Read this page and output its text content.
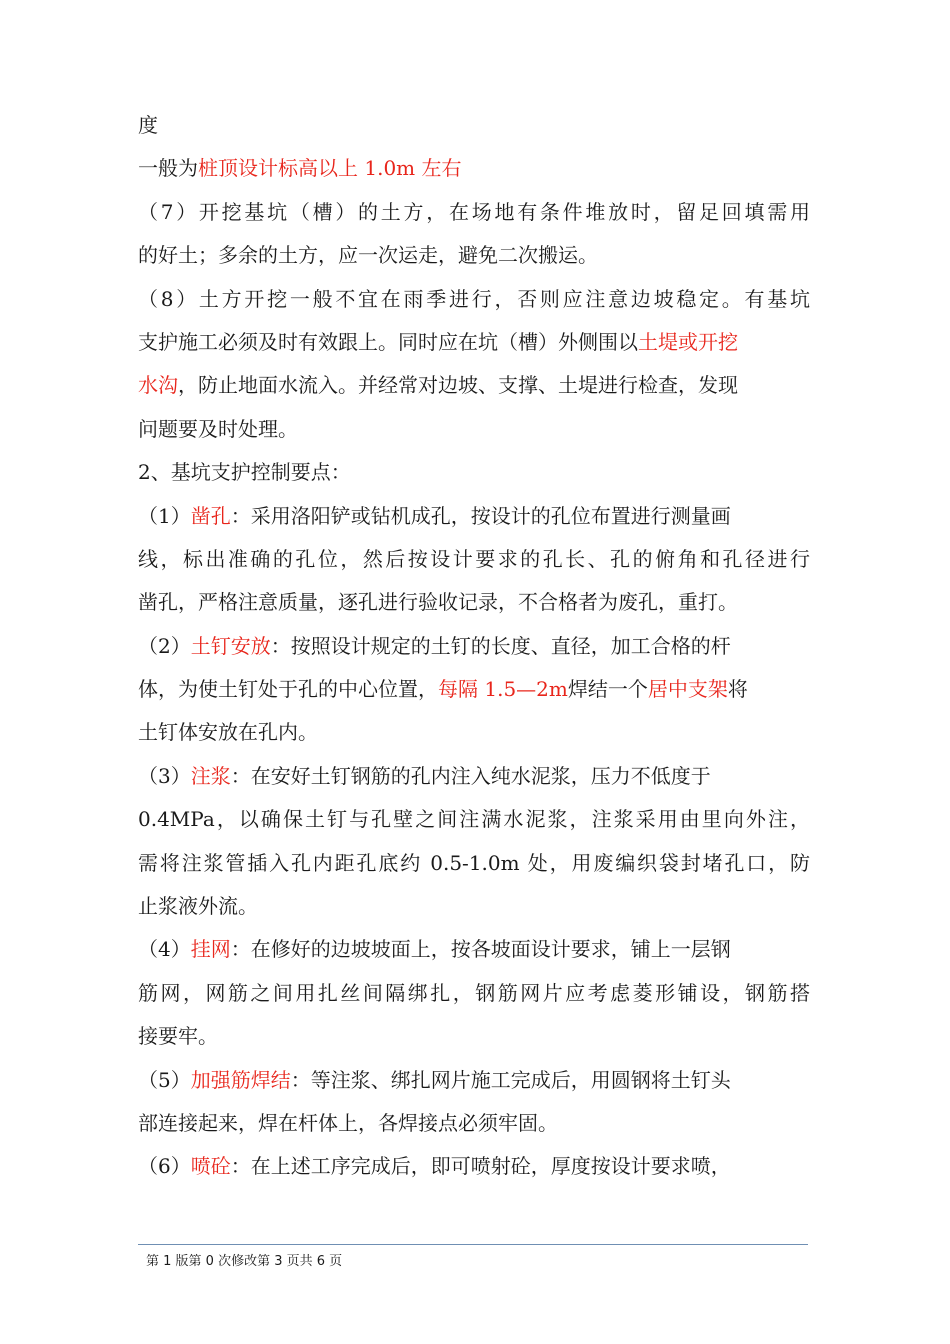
度
一般为桩顶设计标高以上 1.0m 左右

（7）开挖基坑（槽）的土方，在场地有条件堆放时，留足回填需用
的好土；多余的土方，应一次运走，避免二次搬运。

（8）土方开挖一般不宜在雨季进行，否则应注意边坡稳定。有基坑
支护施工必须及时有效跟上。同时应在坑（槽）外侧围以土堤或开挖
水沟，防止地面水流入。并经常对边坡、支撑、土堤进行检查，发现
问题要及时处理。

2、基坑支护控制要点：

（1）凿孔：采用洛阳铲或钻机成孔，按设计的孔位布置进行测量画
线，标出准确的孔位，然后按设计要求的孔长、孔的俯角和孔径进行
凿孔，严格注意质量，逐孔进行验收记录，不合格者为废孔，重打。

（2）土钉安放：按照设计规定的土钉的长度、直径，加工合格的杆
体，为使土钉处于孔的中心位置，每隔 1.5—2m焊结一个居中支架将
土钉体安放在孔内。

（3）注浆：在安好土钉钢筋的孔内注入纯水泥浆，压力不低度于
0.4MPa，以确保土钉与孔壁之间注满水泥浆，注浆采用由里向外注，
需将注浆管插入孔内距孔底约 0.5-1.0m 处，用废编织袋封堵孔口，防
止浆液外流。

（4）挂网：在修好的边坡坡面上，按各坡面设计要求，铺上一层钢
筋网，网筋之间用扎丝间隔绑扎，钢筋网片应考虑菱形铺设，钢筋搭
接要牢。

（5）加强筋焊结：等注浆、绑扎网片施工完成后，用圆钢将土钉头
部连接起来，焊在杆体上，各焊接点必须牢固。

（6）喷砼：在上述工序完成后，即可喷射砼，厚度按设计要求喷，

第 1 版第 0 次修改第 3 页共 6 页
